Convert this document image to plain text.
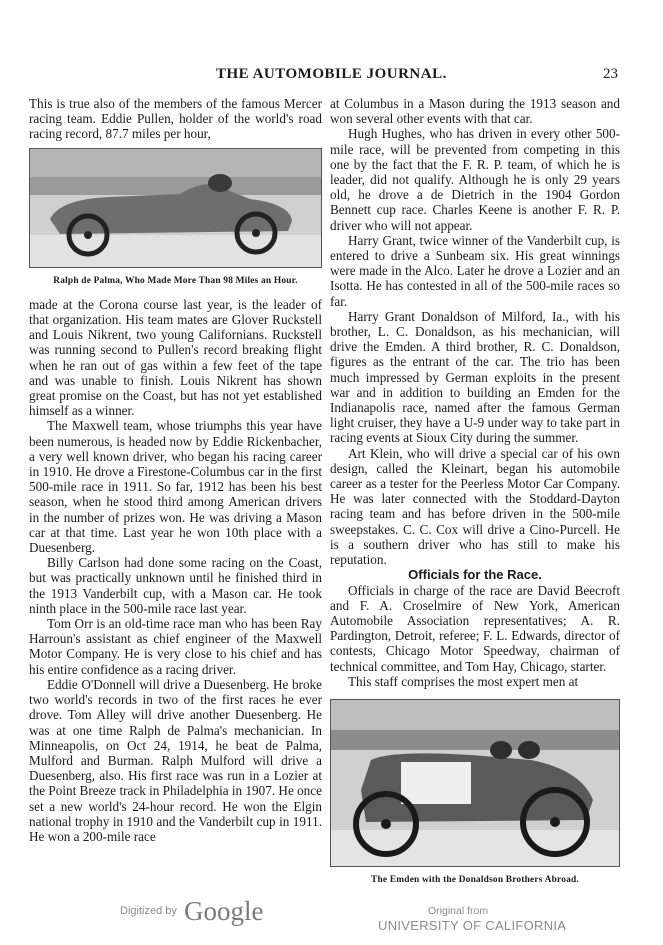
THE AUTOMOBILE JOURNAL.	23

This is true also of the members of the famous Mercer racing team. Eddie Pullen, holder of the world's road racing record, 87.7 miles per hour,

Ralph de Palma, Who Made More Than 98 Miles an Hour.

made at the Corona course last year, is the leader of that organization. His team mates are Glover Ruckstell and Louis Nikrent, two young Californians. Ruckstell was running second to Pullen's record breaking flight when he ran out of gas within a few feet of the tape and was unable to finish. Louis Nikrent has shown great promise on the Coast, but has not yet established himself as a winner.

The Maxwell team, whose triumphs this year have been numerous, is headed now by Eddie Rickenbacher, a very well known driver, who began his racing career in 1910. He drove a Firestone-Columbus car in the first 500-mile race in 1911. So far, 1912 has been his best season, when he stood third among American drivers in the number of prizes won. He was driving a Mason car at that time. Last year he won 10th place with a Duesenberg.

Billy Carlson had done some racing on the Coast, but was practically unknown until he finished third in the 1913 Vanderbilt cup, with a Mason car. He took ninth place in the 500-mile race last year.

Tom Orr is an old-time race man who has been Ray Harroun's assistant as chief engineer of the Maxwell Motor Company. He is very close to his chief and has his entire confidence as a racing driver.

Eddie O'Donnell will drive a Duesenberg. He broke two world's records in two of the first races he ever drove. Tom Alley will drive another Duesenberg. He was at one time Ralph de Palma's mechanician. In Minneapolis, on Oct 24, 1914, he beat de Palma, Mulford and Burman. Ralph Mulford will drive a Duesenberg, also. His first race was run in a Lozier at the Point Breeze track in Philadelphia in 1907. He once set a new world's 24-hour record. He won the Elgin national trophy in 1910 and the Vanderbilt cup in 1911. He won a 200-mile race

at Columbus in a Mason during the 1913 season and won several other events with that car.

Hugh Hughes, who has driven in every other 500-mile race, will be prevented from competing in this one by the fact that the F. R. P. team, of which he is leader, did not qualify. Although he is only 29 years old, he drove a de Dietrich in the 1904 Gordon Bennett cup race. Charles Keene is another F. R. P. driver who will not appear.

Harry Grant, twice winner of the Vanderbilt cup, is entered to drive a Sunbeam six. His great winnings were made in the Alco. Later he drove a Lozier and an Isotta. He has contested in all of the 500-mile races so far.

Harry Grant Donaldson of Milford, Ia., with his brother, L. C. Donaldson, as his mechanician, will drive the Emden. A third brother, R. C. Donaldson, figures as the entrant of the car. The trio has been much impressed by German exploits in the present war and in addition to building an Emden for the Indianapolis race, named after the famous German light cruiser, they have a U-9 under way to take part in racing events at Sioux City during the summer.

Art Klein, who will drive a special car of his own design, called the Kleinart, began his automobile career as a tester for the Peerless Motor Car Company. He was later connected with the Stoddard-Dayton racing team and has before driven in the 500-mile sweepstakes. C. C. Cox will drive a Cino-Purcell. He is a southern driver who has still to make his reputation.

Officials for the Race.

Officials in charge of the race are David Beecroft and F. A. Croselmire of New York, American Automobile Association representatives; A. R. Pardington, Detroit, referee; F. L. Edwards, director of contests, Chicago Motor Speedway, chairman of technical committee, and Tom Hay, Chicago, starter.

This staff comprises the most expert men at

The Emden with the Donaldson Brothers Abroad.
Digitized by Google	Original from
UNIVERSITY OF CALIFORNIA
